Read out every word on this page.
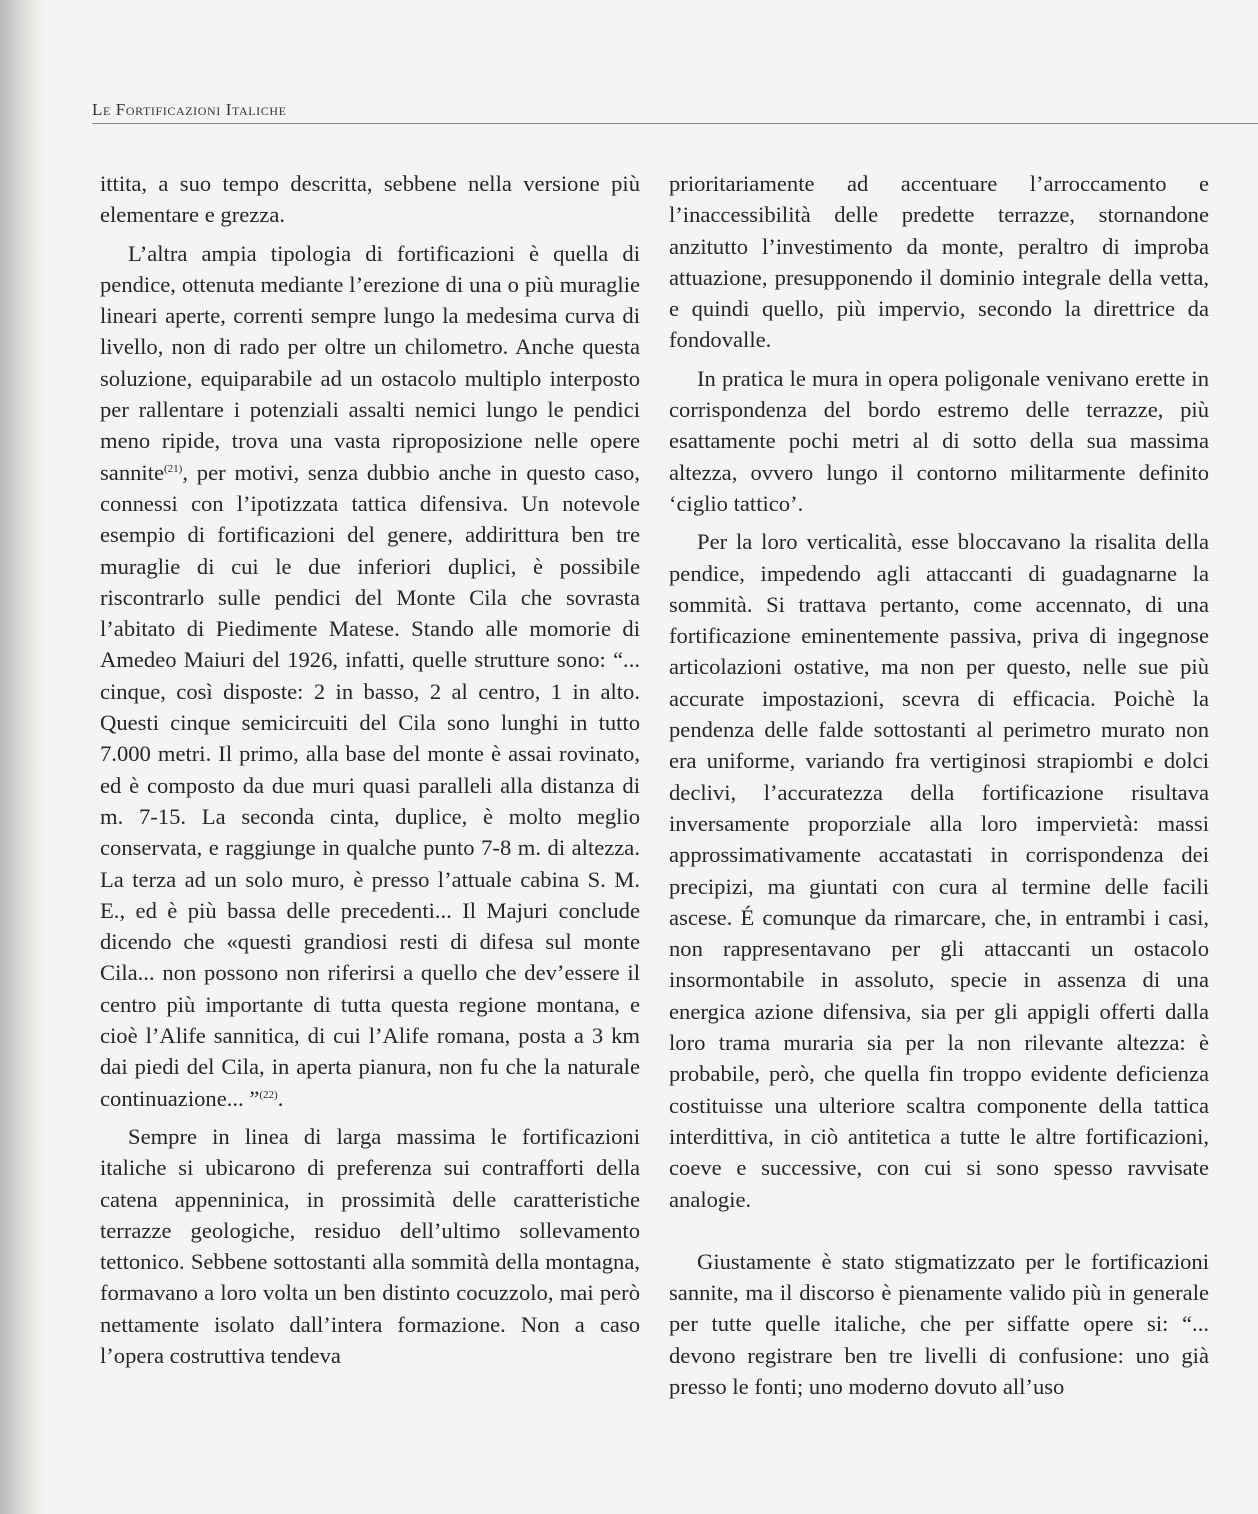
Le Fortificazioni Italiche

ittita, a suo tempo descritta, sebbene nella versione più elementare e grezza.

L’altra ampia tipologia di fortificazioni è quella di pendice, ottenuta mediante l’erezione di una o più muraglie lineari aperte, correnti sempre lungo la medesima curva di livello, non di rado per oltre un chilometro. Anche questa soluzione, equiparabile ad un ostacolo multiplo interposto per rallentare i potenziali assalti nemici lungo le pendici meno ripide, trova una vasta riproposizione nelle opere sannite$^{(21)}$, per motivi, senza dubbio anche in questo caso, connessi con l’ipotizzata tattica difensiva. Un notevole esempio di fortificazioni del genere, addirittura ben tre muraglie di cui le due inferiori duplici, è possibile riscontrarlo sulle pendici del Monte Cila che sovrasta l’abitato di Piedimente Matese. Stando alle momorie di Amedeo Maiuri del 1926, infatti, quelle strutture sono: “... cinque, così disposte: 2 in basso, 2 al centro, 1 in alto. Questi cinque semicircuiti del Cila sono lunghi in tutto 7.000 metri. Il primo, alla base del monte è assai rovinato, ed è composto da due muri quasi paralleli alla distanza di m. 7-15. La seconda cinta, duplice, è molto meglio conservata, e raggiunge in qualche punto 7-8 m. di altezza. La terza ad un solo muro, è presso l’attuale cabina S. M. E., ed è più bassa delle precedenti... Il Majuri conclude dicendo che «questi grandiosi resti di difesa sul monte Cila... non possono non riferirsi a quello che dev’essere il centro più importante di tutta questa regione montana, e cioè l’Alife sannitica, di cui l’Alife romana, posta a 3 km dai piedi del Cila, in aperta pianura, non fu che la naturale continuazione... ”$^{(22)}$.

Sempre in linea di larga massima le fortificazioni italiche si ubicarono di preferenza sui contrafforti della catena appenninica, in prossimità delle caratteristiche terrazze geologiche, residuo dell’ultimo sollevamento tettonico. Sebbene sottostanti alla sommità della montagna, formavano a loro volta un ben distinto cocuzzolo, mai però nettamente isolato dall’intera formazione. Non a caso l’opera costruttiva tendeva

prioritariamente ad accentuare l’arroccamento e l’inaccessibilità delle predette terrazze, stornandone anzitutto l’investimento da monte, peraltro di improba attuazione, presupponendo il dominio integrale della vetta, e quindi quello, più impervio, secondo la direttrice da fondovalle.

In pratica le mura in opera poligonale venivano erette in corrispondenza del bordo estremo delle terrazze, più esattamente pochi metri al di sotto della sua massima altezza, ovvero lungo il contorno militarmente definito ‘ciglio tattico’.

Per la loro verticalità, esse bloccavano la risalita della pendice, impedendo agli attaccanti di guadagnarne la sommità. Si trattava pertanto, come accennato, di una fortificazione eminentemente passiva, priva di ingegnose articolazioni ostative, ma non per questo, nelle sue più accurate impostazioni, scevra di efficacia. Poichè la pendenza delle falde sottostanti al perimetro murato non era uniforme, variando fra vertiginosi strapiombi e dolci declivi, l’accuratezza della fortificazione risultava inversamente proporziale alla loro impervietà: massi approssimativamente accatastati in corrispondenza dei precipizi, ma giuntati con cura al termine delle facili ascese. É comunque da rimarcare, che, in entrambi i casi, non rappresentavano per gli attaccanti un ostacolo insormontabile in assoluto, specie in assenza di una energica azione difensiva, sia per gli appigli offerti dalla loro trama muraria sia per la non rilevante altezza: è probabile, però, che quella fin troppo evidente deficienza costituisse una ulteriore scaltra componente della tattica interdittiva, in ciò antitetica a tutte le altre fortificazioni, coeve e successive, con cui si sono spesso ravvisate analogie.

Giustamente è stato stigmatizzato per le fortificazioni sannite, ma il discorso è pienamente valido più in generale per tutte quelle italiche, che per siffatte opere si: “... devono registrare ben tre livelli di confusione: uno già presso le fonti; uno moderno dovuto all’uso
